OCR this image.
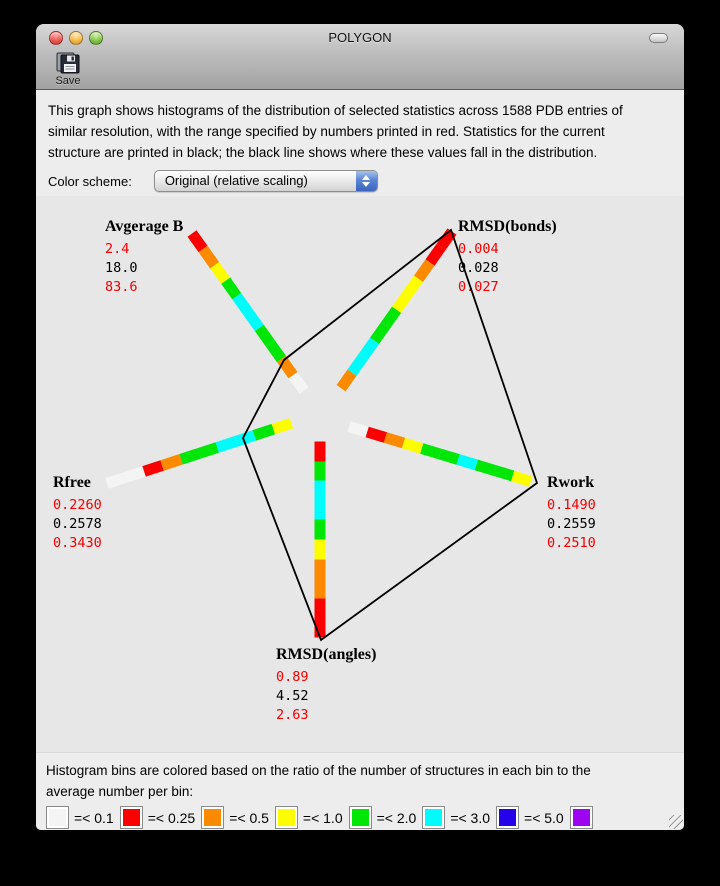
POLYGON
Save
This graph shows histograms of the distribution of selected statistics across 1588 PDB entries of
similar resolution, with the range specified by numbers printed in red. Statistics for the current
structure are printed in black; the black line shows where these values fall in the distribution.
Color scheme:	Original (relative scaling)
Avgerage B
2.4
18.0
83.6
RMSD(bonds)
0.004
0.028
0.027
Rwork
0.1490
0.2559
0.2510
RMSD(angles)
0.89
4.52
2.63
Rfree
0.2260
0.2578
0.3430
Histogram bins are colored based on the ratio of the number of structures in each bin to the
average number per bin:
=< 0.1 =< 0.25 =< 0.5 =< 1.0 =< 2.0 =< 3.0 =< 5.0
